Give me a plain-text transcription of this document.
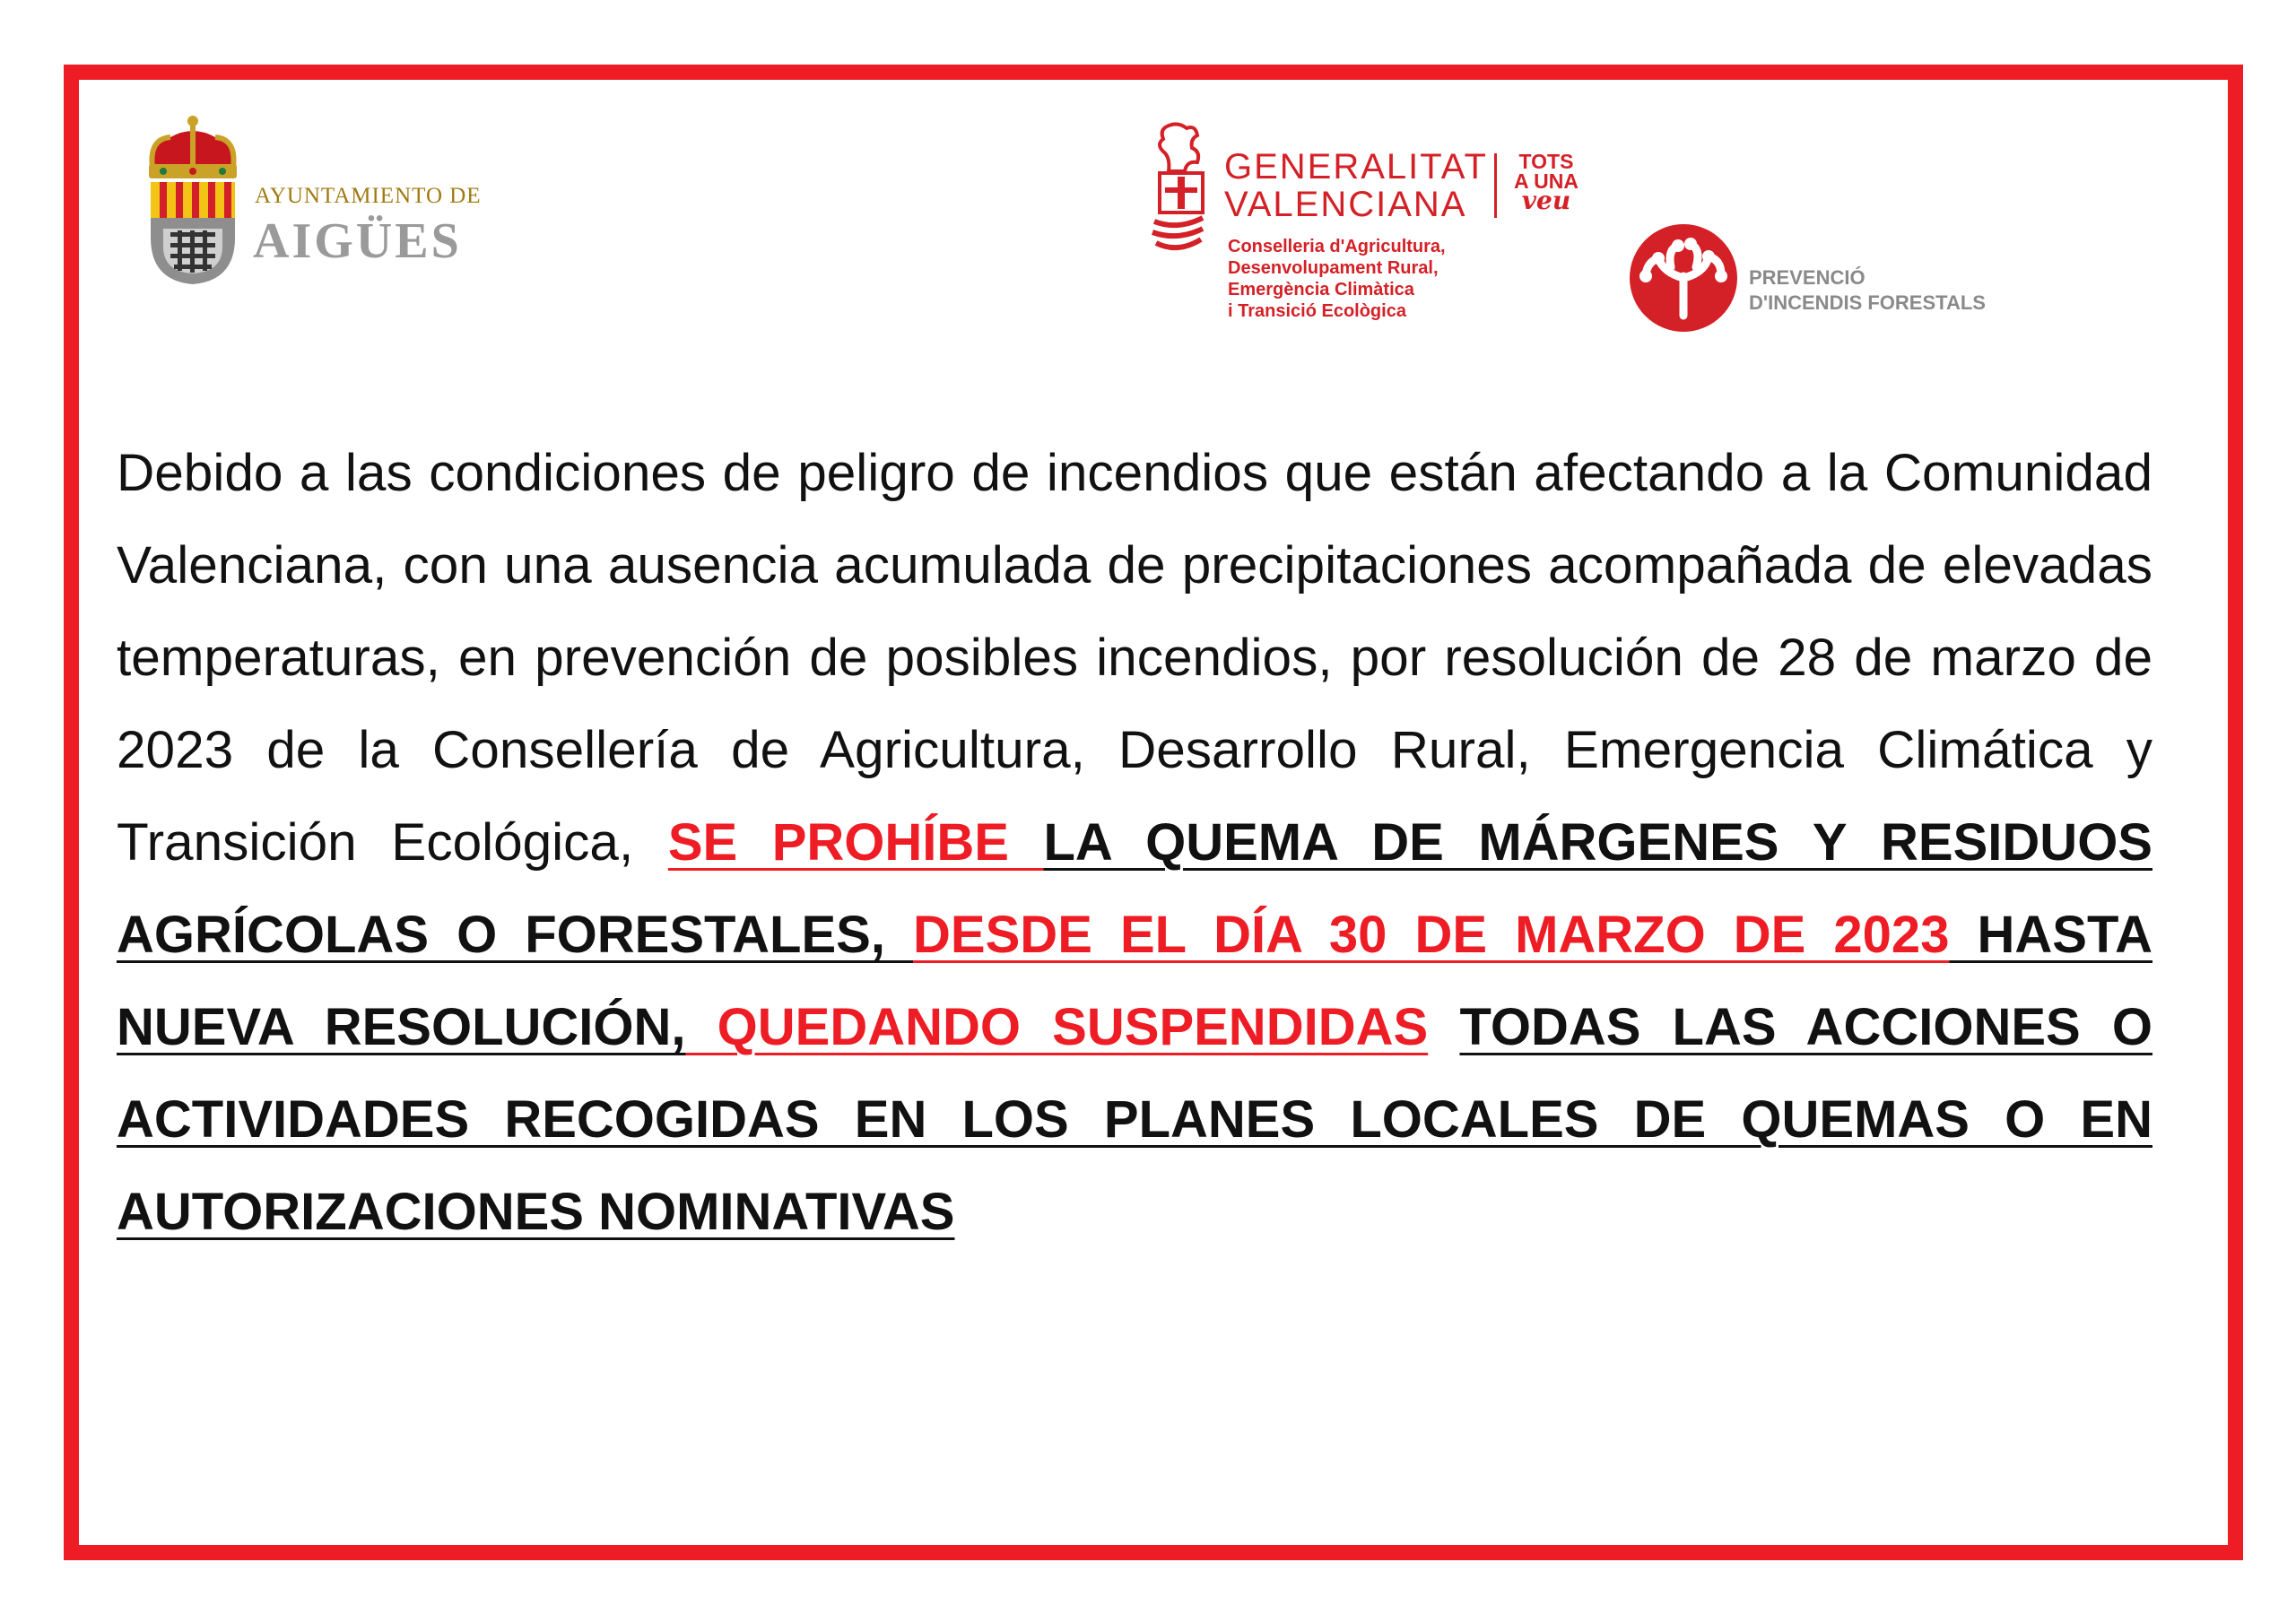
AYUNTAMIENTO DE

AIGÜES

GENERALITAT
VALENCIANA

TOTS
A UNA
veu

Conselleria d'Agricultura,
Desenvolupament Rural,
Emergència Climàtica
i Transició Ecològica

PREVENCIÓ
D'INCENDIS FORESTALS

Debido a las condiciones de peligro de incendios que están afectando a la Comunidad Valenciana, con una ausencia acumulada de precipitaciones acompañada de elevadas temperaturas, en prevención de posibles incendios, por resolución de 28 de marzo de 2023 de la Consellería de Agricultura, Desarrollo Rural, Emergencia Climática y Transición Ecológica, SE PROHÍBE LA QUEMA DE MÁRGENES Y RESIDUOS AGRÍCOLAS O FORESTALES, DESDE EL DÍA 30 DE MARZO DE 2023 HASTA NUEVA RESOLUCIÓN, QUEDANDO SUSPENDIDAS TODAS LAS ACCIONES O ACTIVIDADES RECOGIDAS EN LOS PLANES LOCALES DE QUEMAS O EN AUTORIZACIONES NOMINATIVAS
